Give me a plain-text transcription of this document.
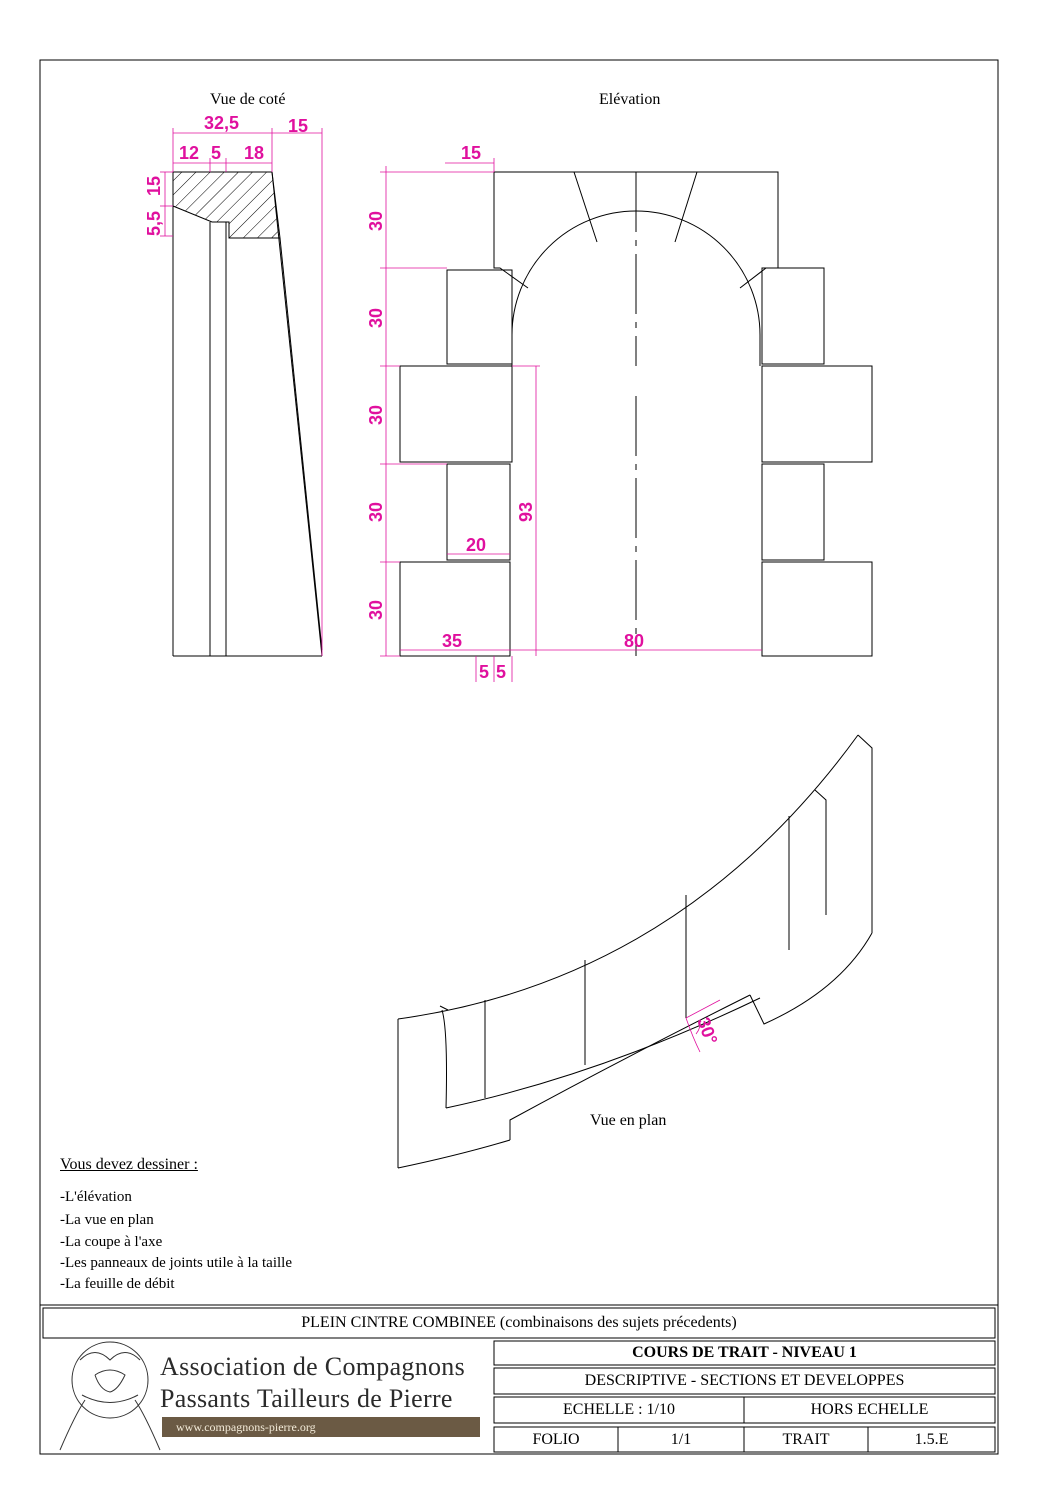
Vue de coté
32,5	15
12 5 18
15
5,5
Elévation
15
30
30
30
30
30
93
20
35	80
5 5
30°
Vue en plan
Vous devez dessiner :
-L'élévation
-La vue en plan
-La coupe à l'axe
-Les panneaux de joints utile à la taille
-La feuille de débit
PLEIN CINTRE COMBINEE (combinaisons des sujets précedents)
COURS DE TRAIT - NIVEAU 1
DESCRIPTIVE - SECTIONS ET DEVELOPPES
ECHELLE : 1/10	HORS ECHELLE
FOLIO	1/1	TRAIT	1.5.E
Association de Compagnons
Passants Tailleurs de Pierre
www.compagnons-pierre.org
